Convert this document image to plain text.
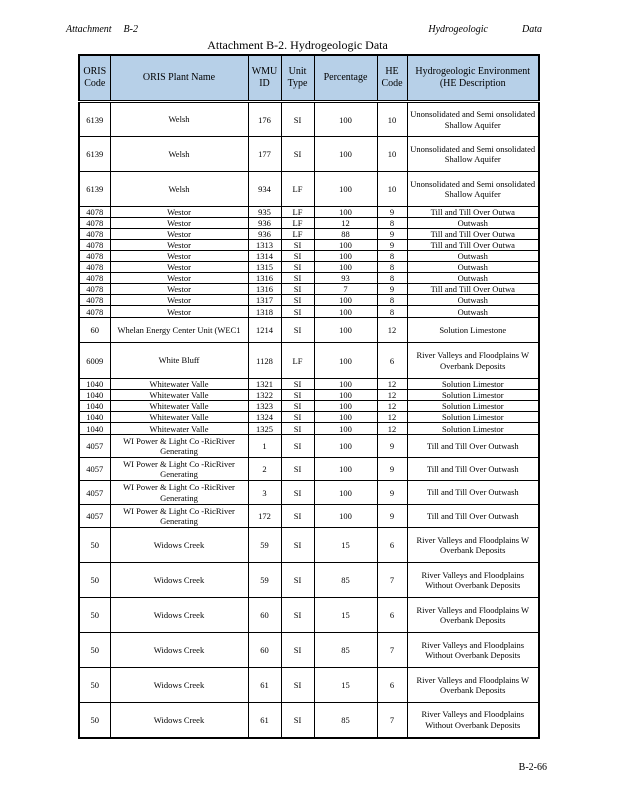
Attachment B-2	Hydrogeologic	Data
Attachment B-2. Hydrogeologic Data
ORIS Code	ORIS Plant Name	WMU ID	Unit Type	Percentage	HE Code	Hydrogeologic Environment (HE Description
6139	Welsh	176	SI	100	10	Unonsolidated and Semi onsolidated Shallow Aquifer
6139	Welsh	177	SI	100	10	Unonsolidated and Semi onsolidated Shallow Aquifer
6139	Welsh	934	LF	100	10	Unonsolidated and Semi onsolidated Shallow Aquifer
4078	Westor	935	LF	100	9	Till and Till Over Outwa
4078	Westor	936	LF	12	8	Outwash
4078	Westor	936	LF	88	9	Till and Till Over Outwa
4078	Westor	1313	SI	100	9	Till and Till Over Outwa
4078	Westor	1314	SI	100	8	Outwash
4078	Westor	1315	SI	100	8	Outwash
4078	Westor	1316	SI	93	8	Outwash
4078	Westor	1316	SI	7	9	Till and Till Over Outwa
4078	Westor	1317	SI	100	8	Outwash
4078	Westor	1318	SI	100	8	Outwash
60	Whelan Energy Center Unit (WEC1	1214	SI	100	12	Solution Limestone
6009	White Bluff	1128	LF	100	6	River Valleys and Floodplains W Overbank Deposits
1040	Whitewater Valle	1321	SI	100	12	Solution Limestor
1040	Whitewater Valle	1322	SI	100	12	Solution Limestor
1040	Whitewater Valle	1323	SI	100	12	Solution Limestor
1040	Whitewater Valle	1324	SI	100	12	Solution Limestor
1040	Whitewater Valle	1325	SI	100	12	Solution Limestor
4057	WI Power & Light Co -RicRiver Generating	1	SI	100	9	Till and Till Over Outwash
4057	WI Power & Light Co -RicRiver Generating	2	SI	100	9	Till and Till Over Outwash
4057	WI Power & Light Co -RicRiver Generating	3	SI	100	9	Till and Till Over Outwash
4057	WI Power & Light Co -RicRiver Generating	172	SI	100	9	Till and Till Over Outwash
50	Widows Creek	59	SI	15	6	River Valleys and Floodplains W Overbank Deposits
50	Widows Creek	59	SI	85	7	River Valleys and Floodplains Without Overbank Deposits
50	Widows Creek	60	SI	15	6	River Valleys and Floodplains W Overbank Deposits
50	Widows Creek	60	SI	85	7	River Valleys and Floodplains Without Overbank Deposits
50	Widows Creek	61	SI	15	6	River Valleys and Floodplains W Overbank Deposits
50	Widows Creek	61	SI	85	7	River Valleys and Floodplains Without Overbank Deposits
B-2-66
